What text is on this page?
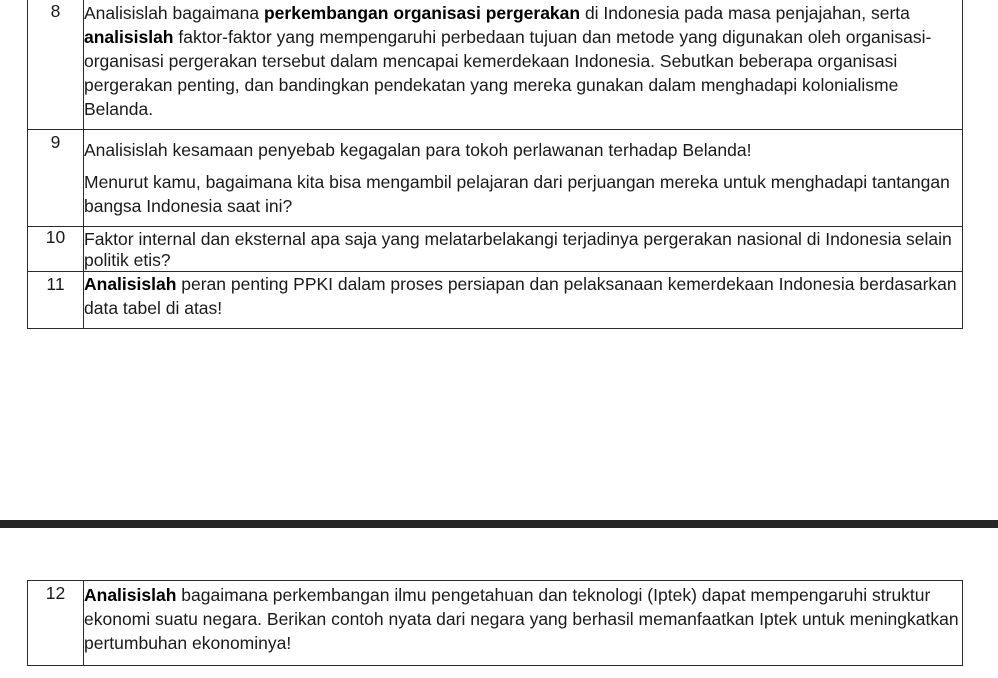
8	Analisislah bagaimana perkembangan organisasi pergerakan di Indonesia pada masa penjajahan, serta analisislah faktor-faktor yang mempengaruhi perbedaan tujuan dan metode yang digunakan oleh organisasi-organisasi pergerakan tersebut dalam mencapai kemerdekaan Indonesia. Sebutkan beberapa organisasi pergerakan penting, dan bandingkan pendekatan yang mereka gunakan dalam menghadapi kolonialisme Belanda.

9	Analisislah kesamaan penyebab kegagalan para tokoh perlawanan terhadap Belanda!

Menurut kamu, bagaimana kita bisa mengambil pelajaran dari perjuangan mereka untuk menghadapi tantangan bangsa Indonesia saat ini?

10	Faktor internal dan eksternal apa saja yang melatarbelakangi terjadinya pergerakan nasional di Indonesia selain politik etis?

11	Analisislah peran penting PPKI dalam proses persiapan dan pelaksanaan kemerdekaan Indonesia berdasarkan data tabel di atas!

12	Analisislah bagaimana perkembangan ilmu pengetahuan dan teknologi (Iptek) dapat mempengaruhi struktur ekonomi suatu negara. Berikan contoh nyata dari negara yang berhasil memanfaatkan Iptek untuk meningkatkan pertumbuhan ekonominya!
